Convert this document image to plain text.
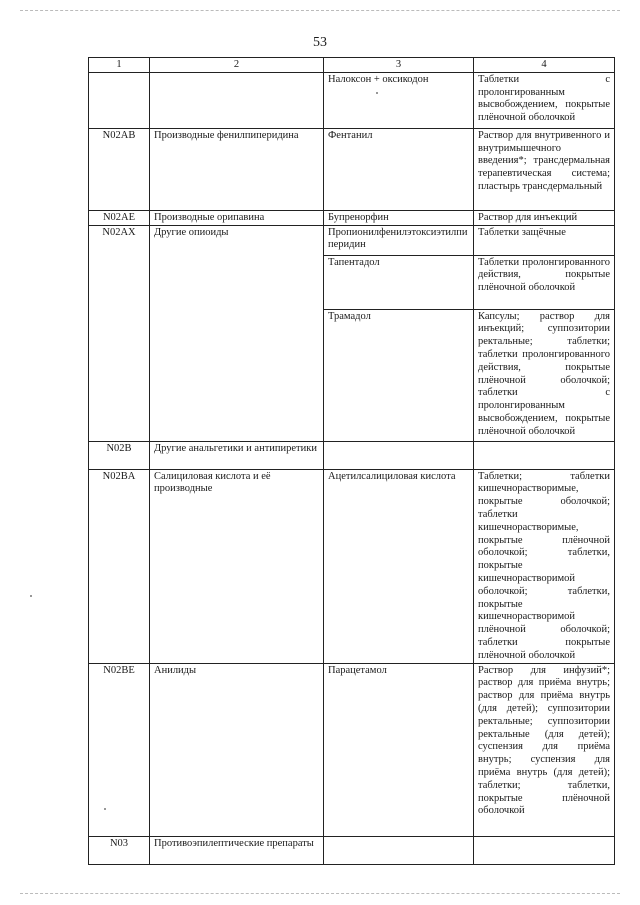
53
1	2	3	4
		Налоксон + оксикодон	Таблетки с пролонгированным высвобождением, покрытые плёночной оболочкой
N02AB	Производные фенилпиперидина	Фентанил	Раствор для внутривенного и внутримышечного введения*; трансдермальная терапевтическая система; пластырь трансдермальный
N02AE	Производные орипавина	Бупренорфин	Раствор для инъекций
N02AX	Другие опиоиды	Пропионилфенилэтоксиэтилпиперидин	Таблетки защёчные
		Тапентадол	Таблетки пролонгированного действия, покрытые плёночной оболочкой
		Трамадол	Капсулы; раствор для инъекций; суппозитории ректальные; таблетки; таблетки пролонгированного действия, покрытые плёночной оболочкой; таблетки с пролонгированным высвобождением, покрытые плёночной оболочкой
N02B	Другие анальгетики и антипиретики		
N02BA	Салициловая кислота и её производные	Ацетилсалициловая кислота	Таблетки; таблетки кишечнорастворимые, покрытые оболочкой; таблетки кишечнорастворимые, покрытые плёночной оболочкой; таблетки, покрытые кишечнорастворимой оболочкой; таблетки, покрытые кишечнорастворимой плёночной оболочкой; таблетки покрытые плёночной оболочкой
N02BE	Анилиды	Парацетамол	Раствор для инфузий*; раствор для приёма внутрь; раствор для приёма внутрь (для детей); суппозитории ректальные; суппозитории ректальные (для детей); суспензия для приёма внутрь; суспензия для приёма внутрь (для детей); таблетки; таблетки, покрытые плёночной оболочкой
N03	Противоэпилептические препараты		
